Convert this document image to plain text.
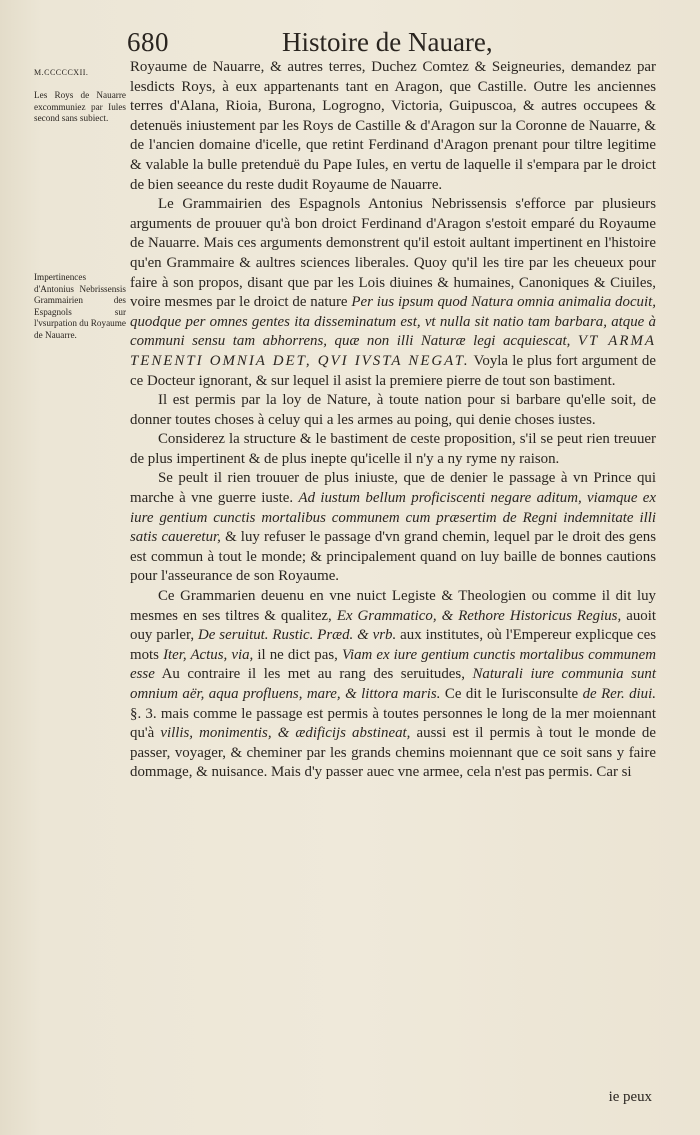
680	Histoire de Nauare,
M.CCCCCXII.
Les Roys de Nauarre excommuniez par Iules second sans subiect.
Impertinences d'Antonius Nebrissensis Grammairien des Espagnols sur l'vsurpation du Royaume de Nauarre.

Royaume de Nauarre, & autres terres, Duchez Comtez & Seigneuries, demandez par lesdicts Roys, à eux appartenants tant en Aragon, que Castille. Outre les anciennes terres d'Alana, Rioia, Burona, Logrogno, Victoria, Guipuscoa, & autres occupees & detenuës iniustement par les Roys de Castille & d'Aragon sur la Coronne de Nauarre, & de l'ancien domaine d'icelle, que retint Ferdinand d'Aragon prenant pour tiltre legitime & valable la bulle pretenduë du Pape Iules, en vertu de laquelle il s'empara par le droict de bien seeance du reste dudit Royaume de Nauarre.

Le Grammairien des Espagnols Antonius Nebrissensis s'efforce par plusieurs arguments de prouuer qu'à bon droict Ferdinand d'Aragon s'estoit emparé du Royaume de Nauarre. Mais ces arguments demonstrent qu'il estoit aultant impertinent en l'histoire qu'en Grammaire & aultres sciences liberales. Quoy qu'il les tire par les cheueux pour faire à son propos, disant que par les Lois diuines & humaines, Canoniques & Ciuiles, voire mesmes par le droict de nature Per ius ipsum quod Natura omnia animalia docuit, quodque per omnes gentes ita disseminatum est, vt nulla sit natio tam barbara, atque à communi sensu tam abhorrens, quæ non illi Naturæ legi acquiescat, VT ARMA TENENTI OMNIA DET, QVI IVSTA NEGAT. Voyla le plus fort argument de ce Docteur ignorant, & sur lequel il asist la premiere pierre de tout son bastiment.

Il est permis par la loy de Nature, à toute nation pour si barbare qu'elle soit, de donner toutes choses à celuy qui a les armes au poing, qui denie choses iustes.

Considerez la structure & le bastiment de ceste proposition, s'il se peut rien treuuer de plus impertinent & de plus inepte qu'icelle il n'y a ny ryme ny raison.

Se peult il rien trouuer de plus iniuste, que de denier le passage à vn Prince qui marche à vne guerre iuste. Ad iustum bellum proficiscenti negare aditum, viamque ex iure gentium cunctis mortalibus communem cum præsertim de Regni indemnitate illi satis caueretur, & luy refuser le passage d'vn grand chemin, lequel par le droit des gens est commun à tout le monde; & principalement quand on luy baille de bonnes cautions pour l'asseurance de son Royaume.

Ce Grammarien deuenu en vne nuict Legiste & Theologien ou comme il dit luy mesmes en ses tiltres & qualitez, Ex Grammatico, & Rethore Historicus Regius, auoit ouy parler, De seruitut. Rustic. Præd. & vrb. aux institutes, où l'Empereur explicque ces mots Iter, Actus, via, il ne dict pas, Viam ex iure gentium cunctis mortalibus communem esse Au contraire il les met au rang des seruitudes, Naturali iure communia sunt omnium aër, aqua profluens, mare, & littora maris. Ce dit le Iurisconsulte de Rer. diui. §. 3. mais comme le passage est permis à toutes personnes le long de la mer moiennant qu'à villis, monimentis, & ædificijs abstineat, aussi est il permis à tout le monde de passer, voyager, & cheminer par les grands chemins moiennant que ce soit sans y faire dommage, & nuisance. Mais d'y passer auec vne armee, cela n'est pas permis. Car si

ie peux
